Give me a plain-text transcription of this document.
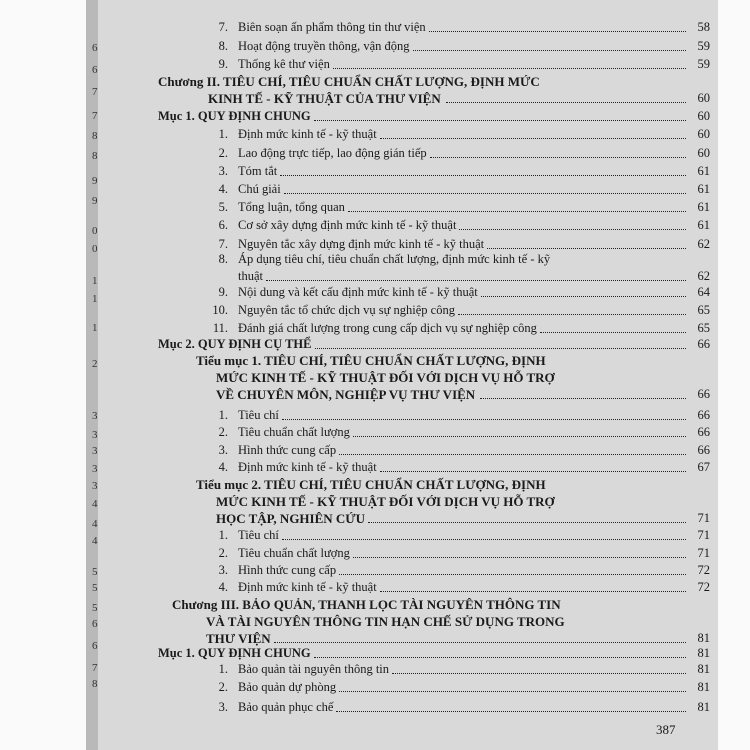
6
6
7
7
8
8
9
9
0
0
1
1
1
2
3
3
3
3
3
4
4
4
5
5
5
6
6
7
8
7. Biên soạn ấn phẩm thông tin thư viện	58
8. Hoạt động truyền thông, vận động	59
9. Thống kê thư viện	59
Chương II. TIÊU CHÍ, TIÊU CHUẨN CHẤT LƯỢNG, ĐỊNH MỨC
KINH TẾ - KỸ THUẬT CỦA THƯ VIỆN	60
Mục 1. QUY ĐỊNH CHUNG	60
1. Định mức kinh tế - kỹ thuật	60
2. Lao động trực tiếp, lao động gián tiếp	60
3. Tóm tắt	61
4. Chú giải	61
5. Tổng luận, tổng quan	61
6. Cơ sở xây dựng định mức kinh tế - kỹ thuật	61
7. Nguyên tắc xây dựng định mức kinh tế - kỹ thuật	62
8. Áp dụng tiêu chí, tiêu chuẩn chất lượng, định mức kinh tế - kỹ
thuật	62
9. Nội dung và kết cấu định mức kinh tế - kỹ thuật	64
10. Nguyên tắc tổ chức dịch vụ sự nghiệp công	65
11. Đánh giá chất lượng trong cung cấp dịch vụ sự nghiệp công	65
Mục 2. QUY ĐỊNH CỤ THỂ	66
Tiểu mục 1. TIÊU CHÍ, TIÊU CHUẨN CHẤT LƯỢNG, ĐỊNH
MỨC KINH TẾ - KỸ THUẬT ĐỐI VỚI DỊCH VỤ HỖ TRỢ
VỀ CHUYÊN MÔN, NGHIỆP VỤ THƯ VIỆN	66
1. Tiêu chí	66
2. Tiêu chuẩn chất lượng	66
3. Hình thức cung cấp	66
4. Định mức kinh tế - kỹ thuật	67
Tiểu mục 2. TIÊU CHÍ, TIÊU CHUẨN CHẤT LƯỢNG, ĐỊNH
MỨC KINH TẾ - KỸ THUẬT ĐỐI VỚI DỊCH VỤ HỖ TRỢ
HỌC TẬP, NGHIÊN CỨU	71
1. Tiêu chí	71
2. Tiêu chuẩn chất lượng	71
3. Hình thức cung cấp	72
4. Định mức kinh tế - kỹ thuật	72
Chương III. BẢO QUẢN, THANH LỌC TÀI NGUYÊN THÔNG TIN
VÀ TÀI NGUYÊN THÔNG TIN HẠN CHẾ SỬ DỤNG TRONG
THƯ VIỆN	81
Mục 1. QUY ĐỊNH CHUNG	81
1. Bảo quản tài nguyên thông tin	81
2. Bảo quản dự phòng	81
3. Bảo quản phục chế	81
387
